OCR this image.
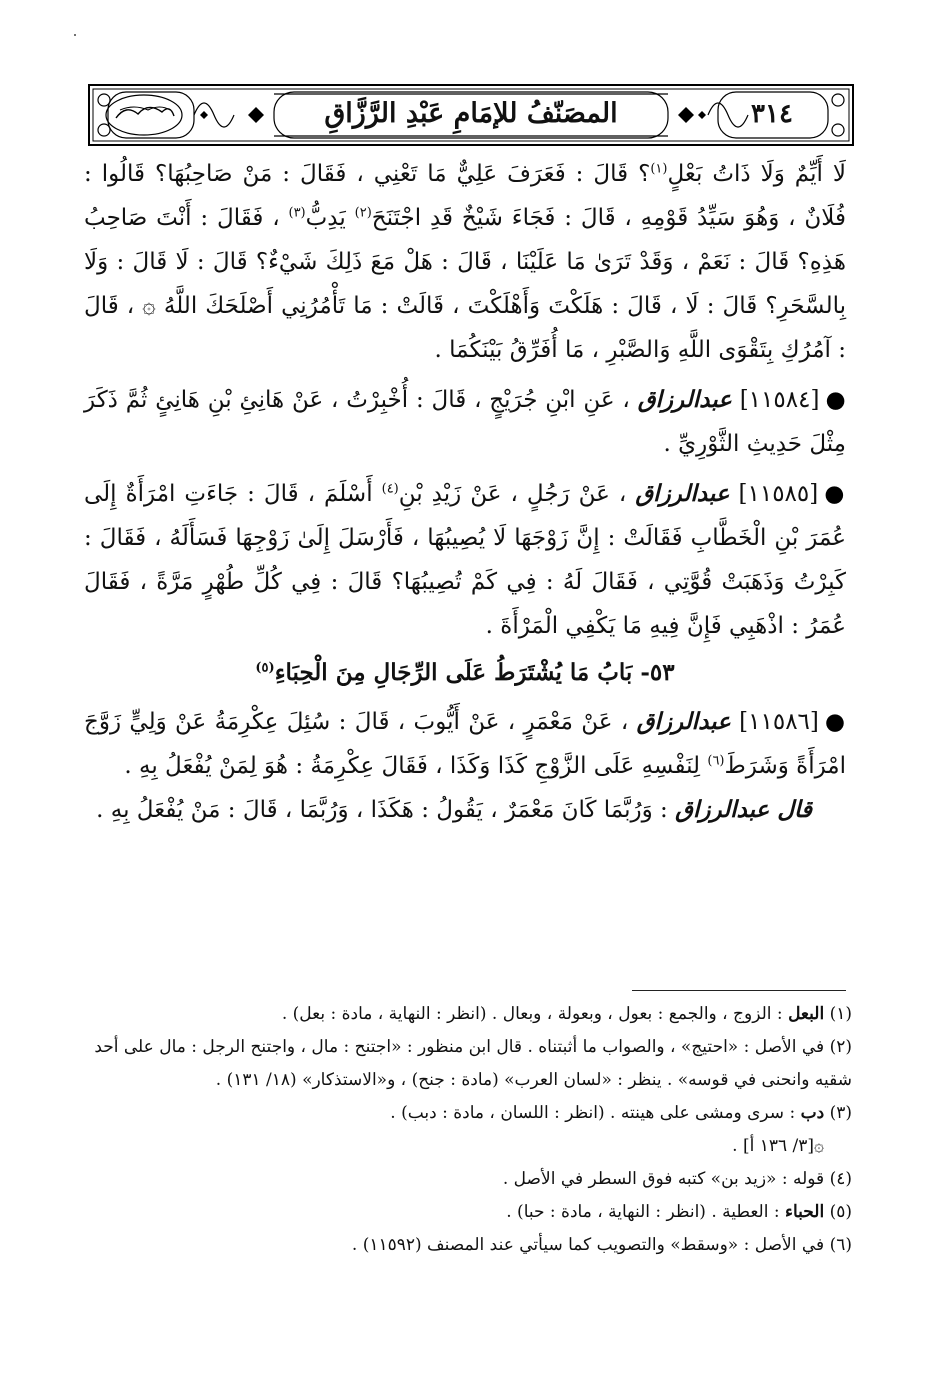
المصَنّفُ للإمَامِ عَبْدِ الرَّزَّاقِ	٣١٤

لَا أَيِّمٌ وَلَا ذَاتُ بَعْلٍ$^{(١)}$؟ قَالَ : فَعَرَفَ عَلِيٌّ مَا تَعْنِي ، فَقَالَ : مَنْ صَاحِبُهَا؟ قَالُوا : فُلَانٌ ، وَهُوَ سَيِّدُ قَوْمِهِ ، قَالَ : فَجَاءَ شَيْخٌ قَدِ اجْتَنَحَ$^{(٢)}$ يَدِبُّ$^{(٣)}$ ، فَقَالَ : أَنْتَ صَاحِبُ هَذِهِ؟ قَالَ : نَعَمْ ، وَقَدْ تَرَىٰ مَا عَلَيْنَا ، قَالَ : هَلْ مَعَ ذَلِكَ شَيْءٌ؟ قَالَ : لَا قَالَ : وَلَا بِالسَّحَرِ؟ قَالَ : لَا ، قَالَ : هَلَكْتَ وَأَهْلَكْتَ ، قَالَتْ : مَا تَأْمُرُنِي أَصْلَحَكَ اللَّهُ ۞ ، قَالَ : آمُرُكِ بِتَقْوَى اللَّهِ وَالصَّبْرِ ، مَا أُفَرِّقُ بَيْنَكُمَا .

●[١١٥٨٤] عبدالرزاق ، عَنِ ابْنِ جُرَيْجٍ ، قَالَ : أُخْبِرْتُ ، عَنْ هَانِئِ بْنِ هَانِئٍ ثُمَّ ذَكَرَ مِثْلَ حَدِيثِ الثَّوْرِيِّ .

●[١١٥٨٥] عبدالرزاق ، عَنْ رَجُلٍ ، عَنْ زَيْدِ بْنِ$^{(٤)}$ أَسْلَمَ ، قَالَ : جَاءَتِ امْرَأَةٌ إِلَى عُمَرَ بْنِ الْخَطَّابِ فَقَالَتْ : إِنَّ زَوْجَهَا لَا يُصِيبُهَا ، فَأَرْسَلَ إِلَىٰ زَوْجِهَا فَسَأَلَهُ ، فَقَالَ : كَبِرْتُ وَذَهَبَتْ قُوَّتِي ، فَقَالَ لَهُ : فِي كَمْ تُصِيبُهَا؟ قَالَ : فِي كُلِّ طُهْرٍ مَرَّةً ، فَقَالَ عُمَرُ : اذْهَبِي فَإِنَّ فِيهِ مَا يَكْفِي الْمَرْأَةَ .

٥٣- بَابُ مَا يُشْتَرَطُ عَلَى الرِّجَالِ مِنَ الْحِبَاءِ$^{(٥)}$

●[١١٥٨٦] عبدالرزاق ، عَنْ مَعْمَرٍ ، عَنْ أَيُّوبَ ، قَالَ : سُئِلَ عِكْرِمَةُ عَنْ وَلِيٍّ زَوَّجَ امْرَأَةً وَشَرَطَ$^{(٦)}$ لِنَفْسِهِ عَلَى الزَّوْجِ كَذَا وَكَذَا ، فَقَالَ عِكْرِمَةُ : هُوَ لِمَنْ يُفْعَلُ بِهِ .

قال عبدالرزاق : وَرُبَّمَا كَانَ مَعْمَرٌ ، يَقُولُ : هَكَذَا ، وَرُبَّمَا ، قَالَ : مَنْ يُفْعَلُ بِهِ .

(١) البعل : الزوج ، والجمع : بعول ، وبعولة ، وبعال . (انظر : النهاية ، مادة : بعل) .

(٢) في الأصل : «احتيج» ، والصواب ما أثبتناه . قال ابن منظور : «اجتنح : مال ، واجتنح الرجل : مال على أحد شقيه وانحنى في قوسه» . ينظر : «لسان العرب» (مادة : جنح) ، و«الاستذكار» (١٨/ ١٣١) .

(٣) دب : سرى ومشى على هينته . (انظر : اللسان ، مادة : دبب) .

۞[٣/ ١٣٦ أ] .

(٤) قوله : «زيد بن» كتبه فوق السطر في الأصل .

(٥) الحباء : العطية . (انظر : النهاية ، مادة : حبا) .

(٦) في الأصل : «وسقط» والتصويب كما سيأتي عند المصنف (١١٥٩٢) .
